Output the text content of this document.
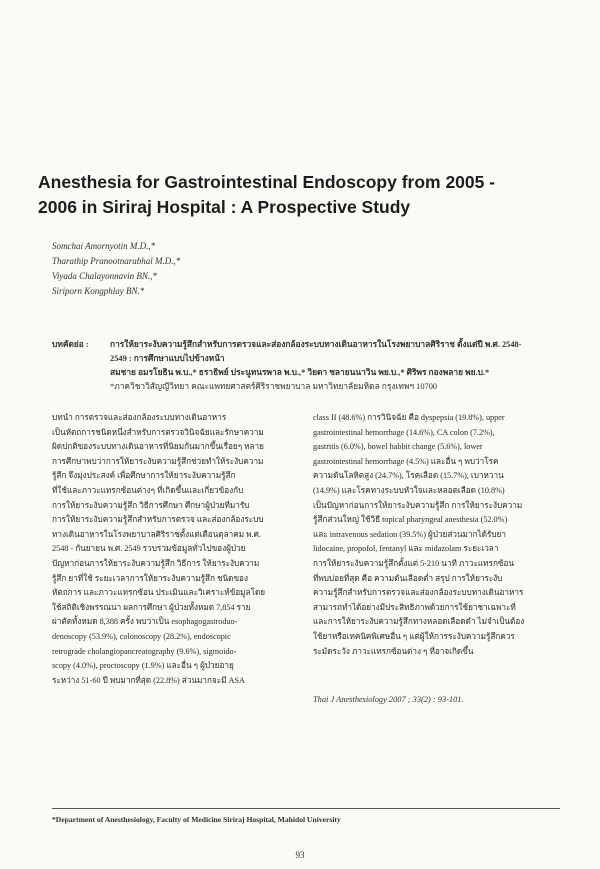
Anesthesia for Gastrointestinal Endoscopy from 2005 -
2006 in Siriraj Hospital : A Prospective Study
Somchai Amornyotin M.D.,*
Tharathip Pranootnarabhal M.D.,*
Viyada Chalayonnavin BN.,*
Siriporn Kongphlay BN.*
บทคัดย่อ :	การให้ยาระงับความรู้สึกสำหรับการตรวจและส่องกล้องระบบทางเดินอาหารในโรงพยาบาลศิริราช ตั้งแต่ปี พ.ศ. 2548-
2549 : การศึกษาแบบไปข้างหน้า
สมชาย อมรโยธิน พ.บ.,* ธราธิพย์ ประนูทนรพาล พ.บ.,* วิยดา ชลายนนาวิน พย.บ.,* ศิริพร กองพลาย พย.บ.*
*ภาควิชาวิสัญญีวิทยา คณะแพทยศาสตร์ศิริราชพยาบาล มหาวิทยาลัยมหิดล กรุงเทพฯ 10700
บทนำ การตรวจและส่องกล้องระบบทางเดินอาหาร
เป็นหัตถการชนิดหนึ่งสำหรับการตรวจวินิจฉัยและรักษาความ
ผิดปกติของระบบทางเดินอาหารที่นิยมกันมากขึ้นเรื่อยๆ หลาย
การศึกษาพบว่าการให้ยาระงับความรู้สึกช่วยทำให้ระงับความ
รู้สึก จึงมุ่งประสงค์ เพื่อศึกษาการให้ยาระงับความรู้สึก
ที่ใช้และภาวะแทรกซ้อนต่างๆ ที่เกิดขึ้นและเกี่ยวข้องกับ
การให้ยาระงับความรู้สึก วิธีการศึกษา ศึกษาผู้ป่วยที่มารับ
การให้ยาระงับความรู้สึกสำหรับการตรวจ และส่องกล้องระบบ
ทางเดินอาหารในโรงพยาบาลศิริราชตั้งแต่เดือนตุลาคม พ.ศ.
2548 - กันยายน พ.ศ. 2549 รวบรวมข้อมูลทั่วไปของผู้ป่วย
ปัญหาก่อนการให้ยาระงับความรู้สึก วิธีการ ให้ยาระงับความ
รู้สึก ยาที่ใช้ ระยะเวลาการให้ยาระงับความรู้สึก ชนิดของ
หัตถการ และภาวะแทรกซ้อน ประเมินและวิเคราะห์ข้อมูลโดย
ใช้สถิติเชิงพรรณนา ผลการศึกษา ผู้ป่วยทั้งหมด 7,854 ราย
ผ่าตัดทั้งหมด 8,388 ครั้ง พบว่าเป็น esophagogastroduo-
denoscopy (53.9%), colonoscopy (28.2%), endoscopic
retrograde cholangiopancreatography (9.6%), sigmoido-
scopy (4.0%), proctoscopy (1.9%) และอื่น ๆ ผู้ป่วยอายุ
ระหว่าง 51-60 ปี พบมากที่สุด (22.8%) ส่วนมากจะมี ASA
class II (48.6%) การวินิจฉัย คือ dyspepsia (19.8%), upper
gastrointestinal hemorrhage (14.6%), CA colon (7.2%),
gastritis (6.0%), bowel habbit change (5.6%), lower
gastrointestinal hemorrhage (4.5%) และอื่น ๆ พบว่าโรค
ความดันโลหิตสูง (24.7%), โรคเลือด (15.7%), เบาหวาน
(14.9%) และโรคทางระบบหัวใจและหลอดเลือด (10.8%)
เป็นปัญหาก่อนการให้ยาระงับความรู้สึก การให้ยาระงับความ
รู้สึกส่วนใหญ่ ใช้วิธี topical pharyngeal anesthesia (52.0%)
และ intravenous sedation (39.5%) ผู้ป่วยส่วนมากได้รับยา
lidocaine, propofol, fentanyl และ midazolam ระยะเวลา
การให้ยาระงับความรู้สึกตั้งแต่ 5-210 นาที ภาวะแทรกซ้อน
ที่พบบ่อยที่สุด คือ ความดันเลือดต่ำ สรุป การให้ยาระงับ
ความรู้สึกสำหรับการตรวจและส่องกล้องระบบทางเดินอาหาร
สามารถทำได้อย่างมีประสิทธิภาพด้วยการใช้ยาชาเฉพาะที่
และการให้ยาระงับความรู้สึกทางหลอดเลือดดำ ไม่จำเป็นต้อง
ใช้ยาหรือเทคนิคพิเศษอื่น ๆ แต่ผู้ให้การระงับความรู้สึกควร
ระมัดระวัง ภาวะแทรกซ้อนต่าง ๆ ที่อาจเกิดขึ้น
Thai J Anesthesiology 2007 ; 33(2) : 93-101.
*Department of Anesthesiology, Faculty of Medicine Siriraj Hospital, Mahidol University
93
